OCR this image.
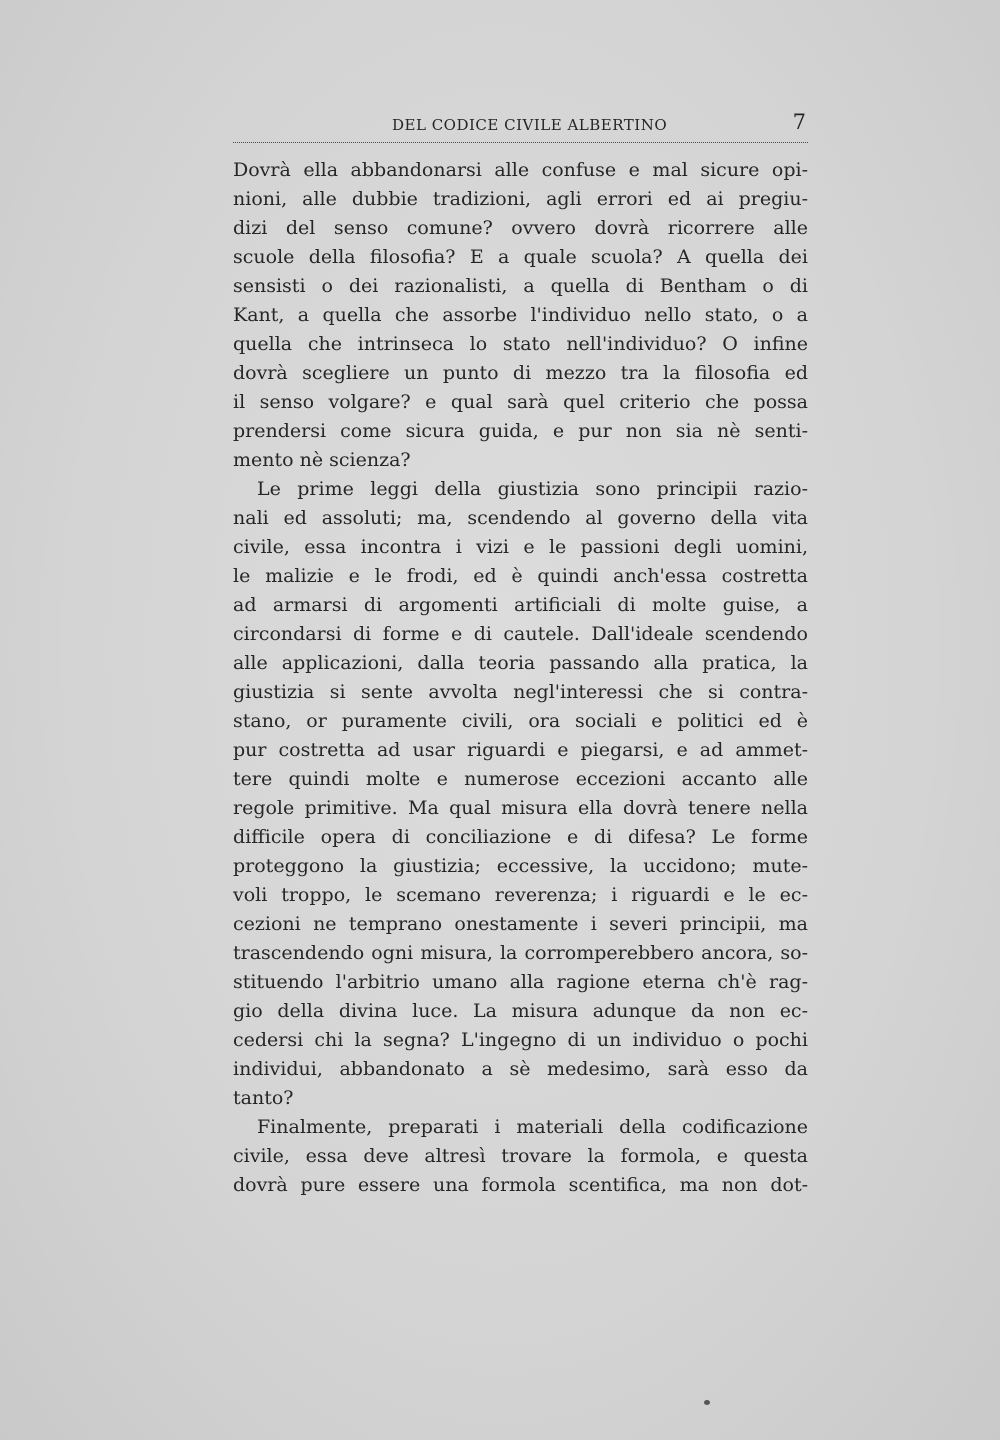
DEL CODICE CIVILE ALBERTINO	7
Dovrà ella abbandonarsi alle confuse e mal sicure opi-
nioni, alle dubbie tradizioni, agli errori ed ai pregiu-
dizi del senso comune? ovvero dovrà ricorrere alle
scuole della filosofia? E a quale scuola? A quella dei
sensisti o dei razionalisti, a quella di Bentham o di
Kant, a quella che assorbe l'individuo nello stato, o a
quella che intrinseca lo stato nell'individuo? O infine
dovrà scegliere un punto di mezzo tra la filosofia ed
il senso volgare? e qual sarà quel criterio che possa
prendersi come sicura guida, e pur non sia nè senti-
mento nè scienza?
Le prime leggi della giustizia sono principii razio-
nali ed assoluti; ma, scendendo al governo della vita
civile, essa incontra i vizi e le passioni degli uomini,
le malizie e le frodi, ed è quindi anch'essa costretta
ad armarsi di argomenti artificiali di molte guise, a
circondarsi di forme e di cautele. Dall'ideale scendendo
alle applicazioni, dalla teoria passando alla pratica, la
giustizia si sente avvolta negl'interessi che si contra-
stano, or puramente civili, ora sociali e politici ed è
pur costretta ad usar riguardi e piegarsi, e ad ammet-
tere quindi molte e numerose eccezioni accanto alle
regole primitive. Ma qual misura ella dovrà tenere nella
difficile opera di conciliazione e di difesa? Le forme
proteggono la giustizia; eccessive, la uccidono; mute-
voli troppo, le scemano reverenza; i riguardi e le ec-
cezioni ne temprano onestamente i severi principii, ma
trascendendo ogni misura, la corromperebbero ancora, so-
stituendo l'arbitrio umano alla ragione eterna ch'è rag-
gio della divina luce. La misura adunque da non ec-
cedersi chi la segna? L'ingegno di un individuo o pochi
individui, abbandonato a sè medesimo, sarà esso da
tanto?
Finalmente, preparati i materiali della codificazione
civile, essa deve altresì trovare la formola, e questa
dovrà pure essere una formola scentifica, ma non dot-
